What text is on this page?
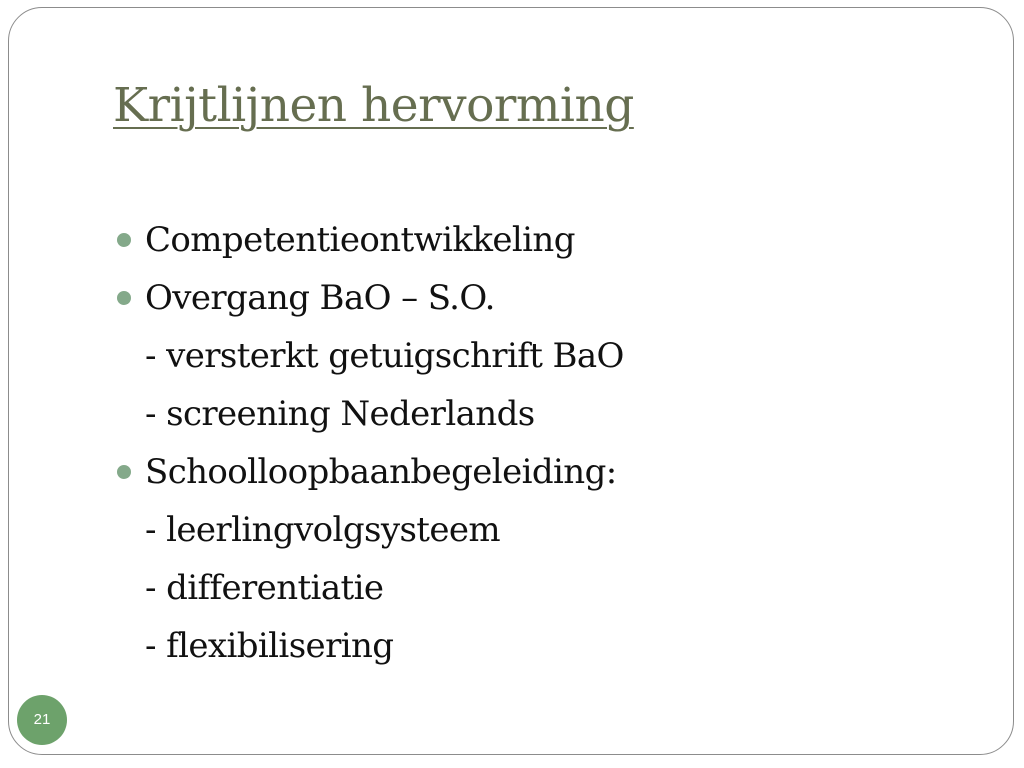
Krijtlijnen hervorming
Competentieontwikkeling
Overgang BaO – S.O.
- versterkt getuigschrift BaO
- screening Nederlands
Schoolloopbaanbegeleiding:
- leerlingvolgsysteem
- differentiatie
- flexibilisering
21
